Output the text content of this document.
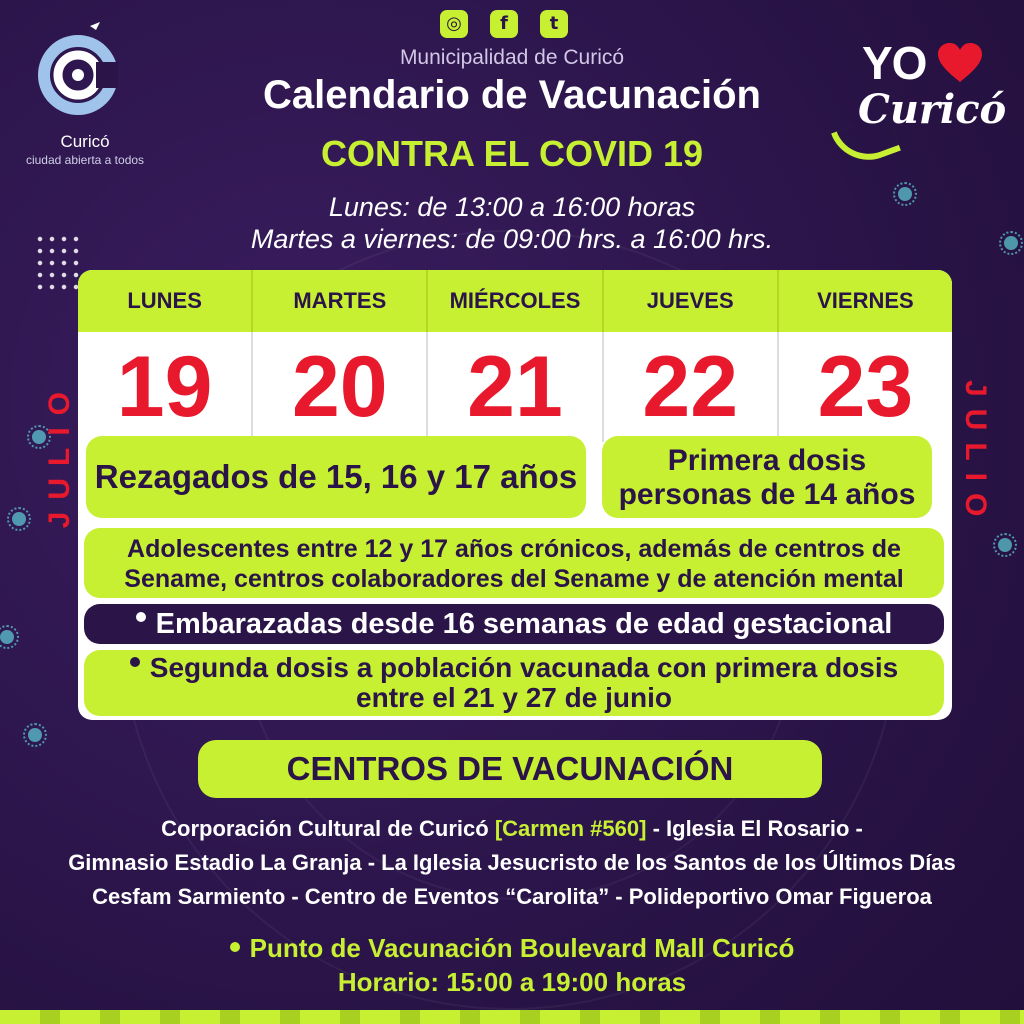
◎	f	t
Curicó
ciudad abierta a todos
Municipalidad de Curicó
Calendario de Vacunación
CONTRA EL COVID 19
YO
Curicó
Lunes: de 13:00 a 16:00 horas
Martes a viernes: de 09:00 hrs. a 16:00 hrs.
JULIO	JULIO
LUNES	MARTES	MIÉRCOLES	JUEVES	VIERNES
19 20 21 22 23
Rezagados de 15, 16 y 17 años	Primera dosis
personas de 14 años
Adolescentes entre 12 y 17 años crónicos, además de centros de
Sename, centros colaboradores del Sename y de atención mental
Embarazadas desde 16 semanas de edad gestacional
Segunda dosis a población vacunada con primera dosis
entre el 21 y 27 de junio
CENTROS DE VACUNACIÓN
Corporación Cultural de Curicó [Carmen #560] - Iglesia El Rosario -
Gimnasio Estadio La Granja - La Iglesia Jesucristo de los Santos de los Últimos Días
Cesfam Sarmiento - Centro de Eventos “Carolita” - Polideportivo Omar Figueroa
Punto de Vacunación Boulevard Mall Curicó
Horario: 15:00 a 19:00 horas
